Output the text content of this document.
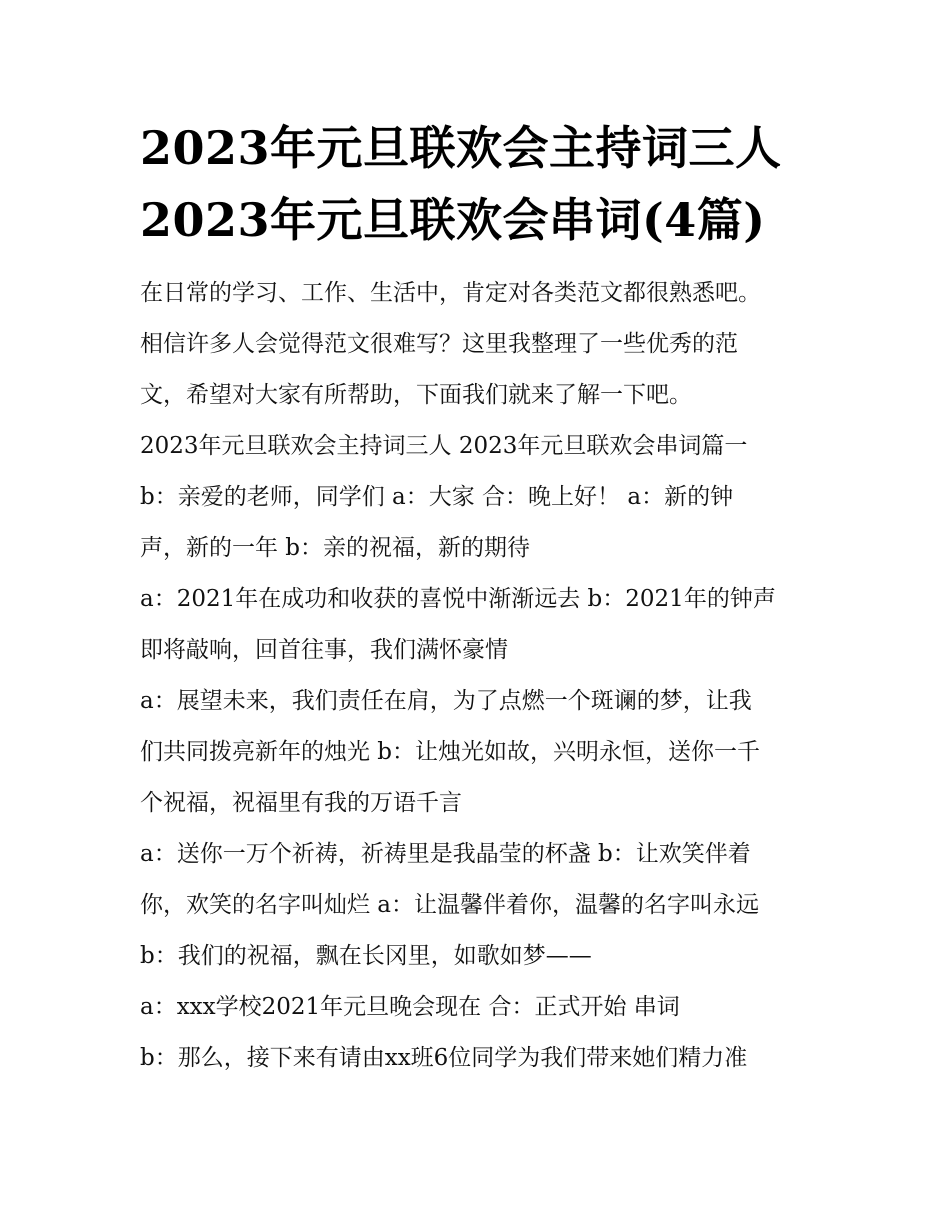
2023年元旦联欢会主持词三人
2023年元旦联欢会串词(4篇)

在日常的学习、工作、生活中，肯定对各类范文都很熟悉吧。
相信许多人会觉得范文很难写？这里我整理了一些优秀的范
文，希望对大家有所帮助，下面我们就来了解一下吧。

2023年元旦联欢会主持词三人 2023年元旦联欢会串词篇一

b：亲爱的老师，同学们 a：大家 合：晚上好！ a：新的钟
声，新的一年 b：亲的祝福，新的期待

a：2021年在成功和收获的喜悦中渐渐远去 b：2021年的钟声
即将敲响，回首往事，我们满怀豪情

a：展望未来，我们责任在肩，为了点燃一个斑谰的梦，让我
们共同拨亮新年的烛光 b：让烛光如故，兴明永恒，送你一千
个祝福，祝福里有我的万语千言

a：送你一万个祈祷，祈祷里是我晶莹的杯盏 b：让欢笑伴着
你，欢笑的名字叫灿烂 a：让温馨伴着你，温馨的名字叫永远
b：我们的祝福，飘在长冈里，如歌如梦——

a：xxx学校2021年元旦晚会现在 合：正式开始 串词

b：那么，接下来有请由xx班6位同学为我们带来她们精力准
